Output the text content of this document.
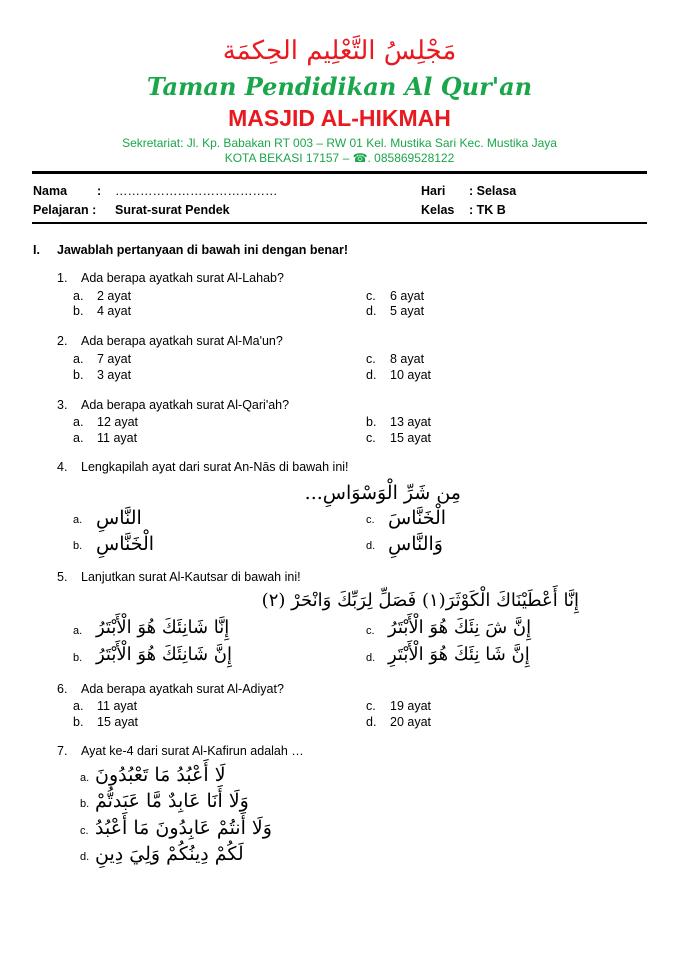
مَجْلِسُ التَّعْلِيم الحِكمَة
Taman Pendidikan Al Qur'an
MASJID AL-HIKMAH
Sekretariat: Jl. Kp. Babakan RT 003 – RW 01 Kel. Mustika Sari Kec. Mustika Jaya
KOTA BEKASI 17157 – ☎. 085869528122
Nama : …………………………………	Hari : Selasa
Pelajaran : Surat-surat Pendek	Kelas : TK B
I. Jawablah pertanyaan di bawah ini dengan benar!
1. Ada berapa ayatkah surat Al-Lahab?
a. 2 ayat	c. 6 ayat
b. 4 ayat	d. 5 ayat
2. Ada berapa ayatkah surat Al-Ma'un?
a. 7 ayat	c. 8 ayat
b. 3 ayat	d. 10 ayat
3. Ada berapa ayatkah surat Al-Qari'ah?
a. 12 ayat	b. 13 ayat
a. 11 ayat	c. 15 ayat
4. Lengkapilah ayat dari surat An-Nās di bawah ini!
مِن شَرِّ الْوَسْوَاسِ...
a. النَّاسِ	c. الْخَنَّاسَ
b. الْخَنَّاسِ	d. وَالنَّاسِ
5. Lanjutkan surat Al-Kautsar di bawah ini!
إِنَّا أَعْطَيْنَاكَ الْكَوْثَرَ(١) فَصَلِّ لِرَبِّكَ وَانْحَرْ (٢)
a. إِنَّا شَانِئَكَ هُوَ الْأَبْتَرُ	c. إِنَّ شَ نِئَكَ هُوَ الْأَبْتَرُ
b. إِنَّ شَانِئَكَ هُوَ الْأَبْتَرُ	d. إِنَّ شَا نِئَكَ هُوَ الْأَبْتَرِ
6. Ada berapa ayatkah surat Al-Adiyat?
a. 11 ayat	c. 19 ayat
b. 15 ayat	d. 20 ayat
7. Ayat ke-4 dari surat Al-Kafirun adalah …
a. لَا أَعْبُدُ مَا تَعْبُدُونَ
b. وَلَا أَنَا عَابِدٌ مَّا عَبَدتُّمْ
c. وَلَا أَنتُمْ عَابِدُونَ مَا أَعْبُدُ
d. لَكُمْ دِينُكُمْ وَلِيَ دِينِ
